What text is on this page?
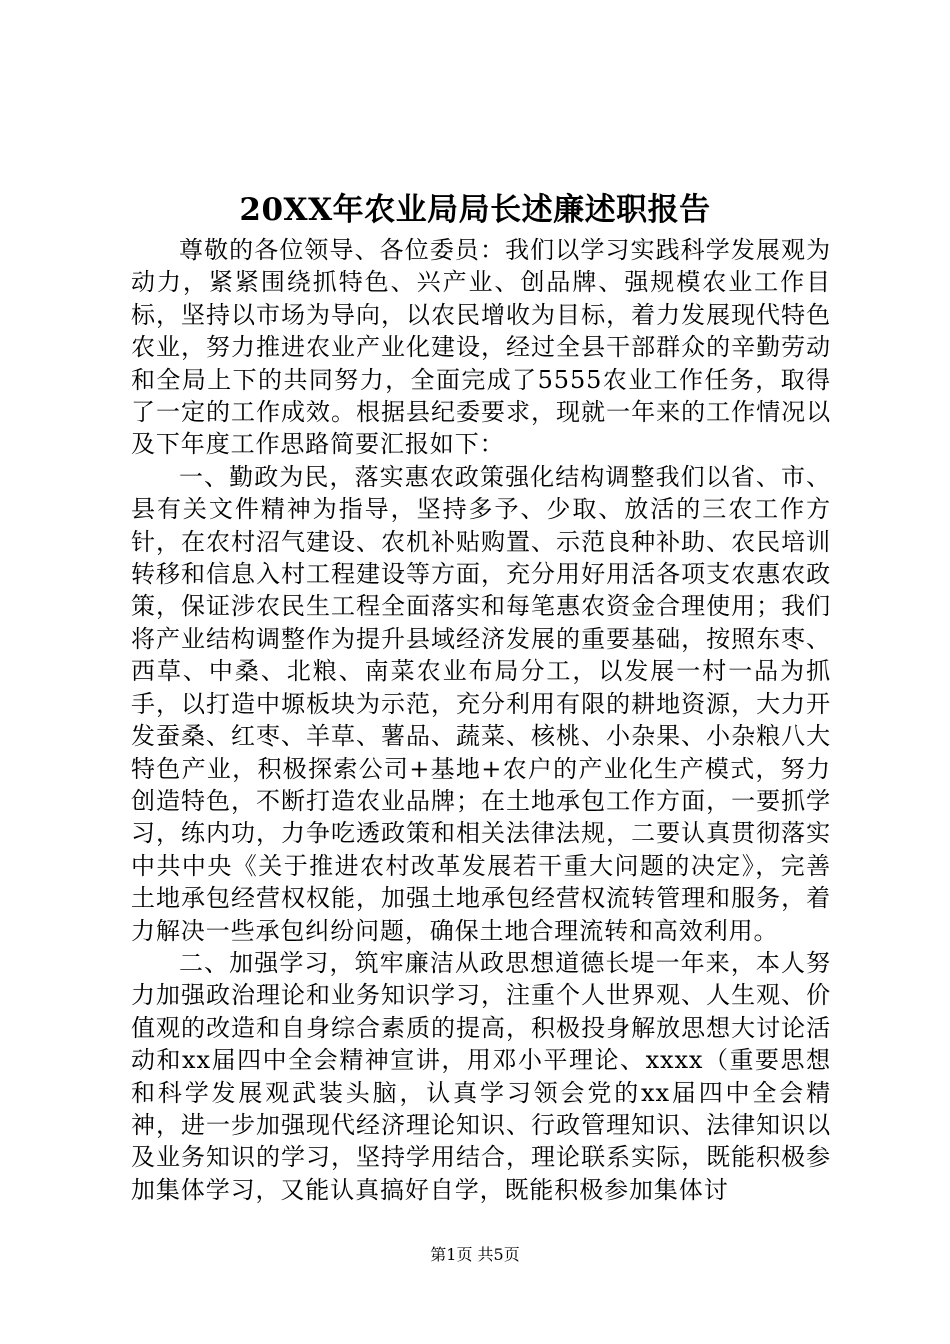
20XX年农业局局长述廉述职报告

尊敬的各位领导、各位委员：我们以学习实践科学发展观为动力，紧紧围绕抓特色、兴产业、创品牌、强规模农业工作目标，坚持以市场为导向，以农民增收为目标，着力发展现代特色农业，努力推进农业产业化建设，经过全县干部群众的辛勤劳动和全局上下的共同努力，全面完成了5555农业工作任务，取得了一定的工作成效。根据县纪委要求，现就一年来的工作情况以及下年度工作思路简要汇报如下：

一、勤政为民，落实惠农政策强化结构调整我们以省、市、县有关文件精神为指导，坚持多予、少取、放活的三农工作方针，在农村沼气建设、农机补贴购置、示范良种补助、农民培训转移和信息入村工程建设等方面，充分用好用活各项支农惠农政策，保证涉农民生工程全面落实和每笔惠农资金合理使用；我们将产业结构调整作为提升县域经济发展的重要基础，按照东枣、西草、中桑、北粮、南菜农业布局分工，以发展一村一品为抓手，以打造中塬板块为示范，充分利用有限的耕地资源，大力开发蚕桑、红枣、羊草、薯品、蔬菜、核桃、小杂果、小杂粮八大特色产业，积极探索公司+基地+农户的产业化生产模式，努力创造特色，不断打造农业品牌；在土地承包工作方面，一要抓学习，练内功，力争吃透政策和相关法律法规，二要认真贯彻落实中共中央《关于推进农村改革发展若干重大问题的决定》，完善土地承包经营权权能，加强土地承包经营权流转管理和服务，着力解决一些承包纠纷问题，确保土地合理流转和高效利用。

二、加强学习，筑牢廉洁从政思想道德长堤一年来，本人努力加强政治理论和业务知识学习，注重个人世界观、人生观、价值观的改造和自身综合素质的提高，积极投身解放思想大讨论活动和xx届四中全会精神宣讲，用邓小平理论、xxxx（重要思想和科学发展观武装头脑，认真学习领会党的xx届四中全会精神，进一步加强现代经济理论知识、行政管理知识、法律知识以及业务知识的学习，坚持学用结合，理论联系实际，既能积极参加集体学习，又能认真搞好自学，既能积极参加集体讨

第1页 共5页
